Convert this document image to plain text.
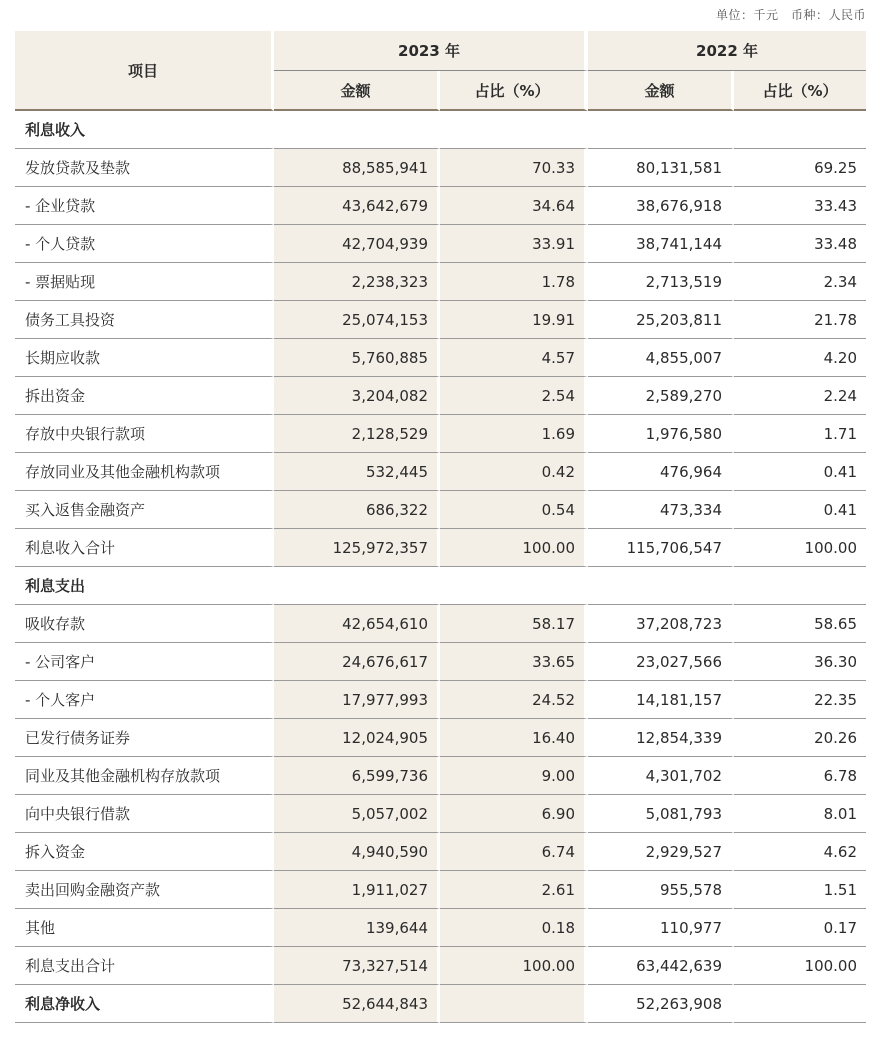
单位：千元　币种：人民币
项目	2023 年		2022 年	
	金额	占比（%）	金额	占比（%）
利息收入				
发放贷款及垫款	88,585,941	70.33	80,131,581	69.25
- 企业贷款	43,642,679	34.64	38,676,918	33.43
- 个人贷款	42,704,939	33.91	38,741,144	33.48
- 票据贴现	2,238,323	1.78	2,713,519	2.34
债务工具投资	25,074,153	19.91	25,203,811	21.78
长期应收款	5,760,885	4.57	4,855,007	4.20
拆出资金	3,204,082	2.54	2,589,270	2.24
存放中央银行款项	2,128,529	1.69	1,976,580	1.71
存放同业及其他金融机构款项	532,445	0.42	476,964	0.41
买入返售金融资产	686,322	0.54	473,334	0.41
利息收入合计	125,972,357	100.00	115,706,547	100.00
利息支出				
吸收存款	42,654,610	58.17	37,208,723	58.65
- 公司客户	24,676,617	33.65	23,027,566	36.30
- 个人客户	17,977,993	24.52	14,181,157	22.35
已发行债务证券	12,024,905	16.40	12,854,339	20.26
同业及其他金融机构存放款项	6,599,736	9.00	4,301,702	6.78
向中央银行借款	5,057,002	6.90	5,081,793	8.01
拆入资金	4,940,590	6.74	2,929,527	4.62
卖出回购金融资产款	1,911,027	2.61	955,578	1.51
其他	139,644	0.18	110,977	0.17
利息支出合计	73,327,514	100.00	63,442,639	100.00
利息净收入	52,644,843		52,263,908	
